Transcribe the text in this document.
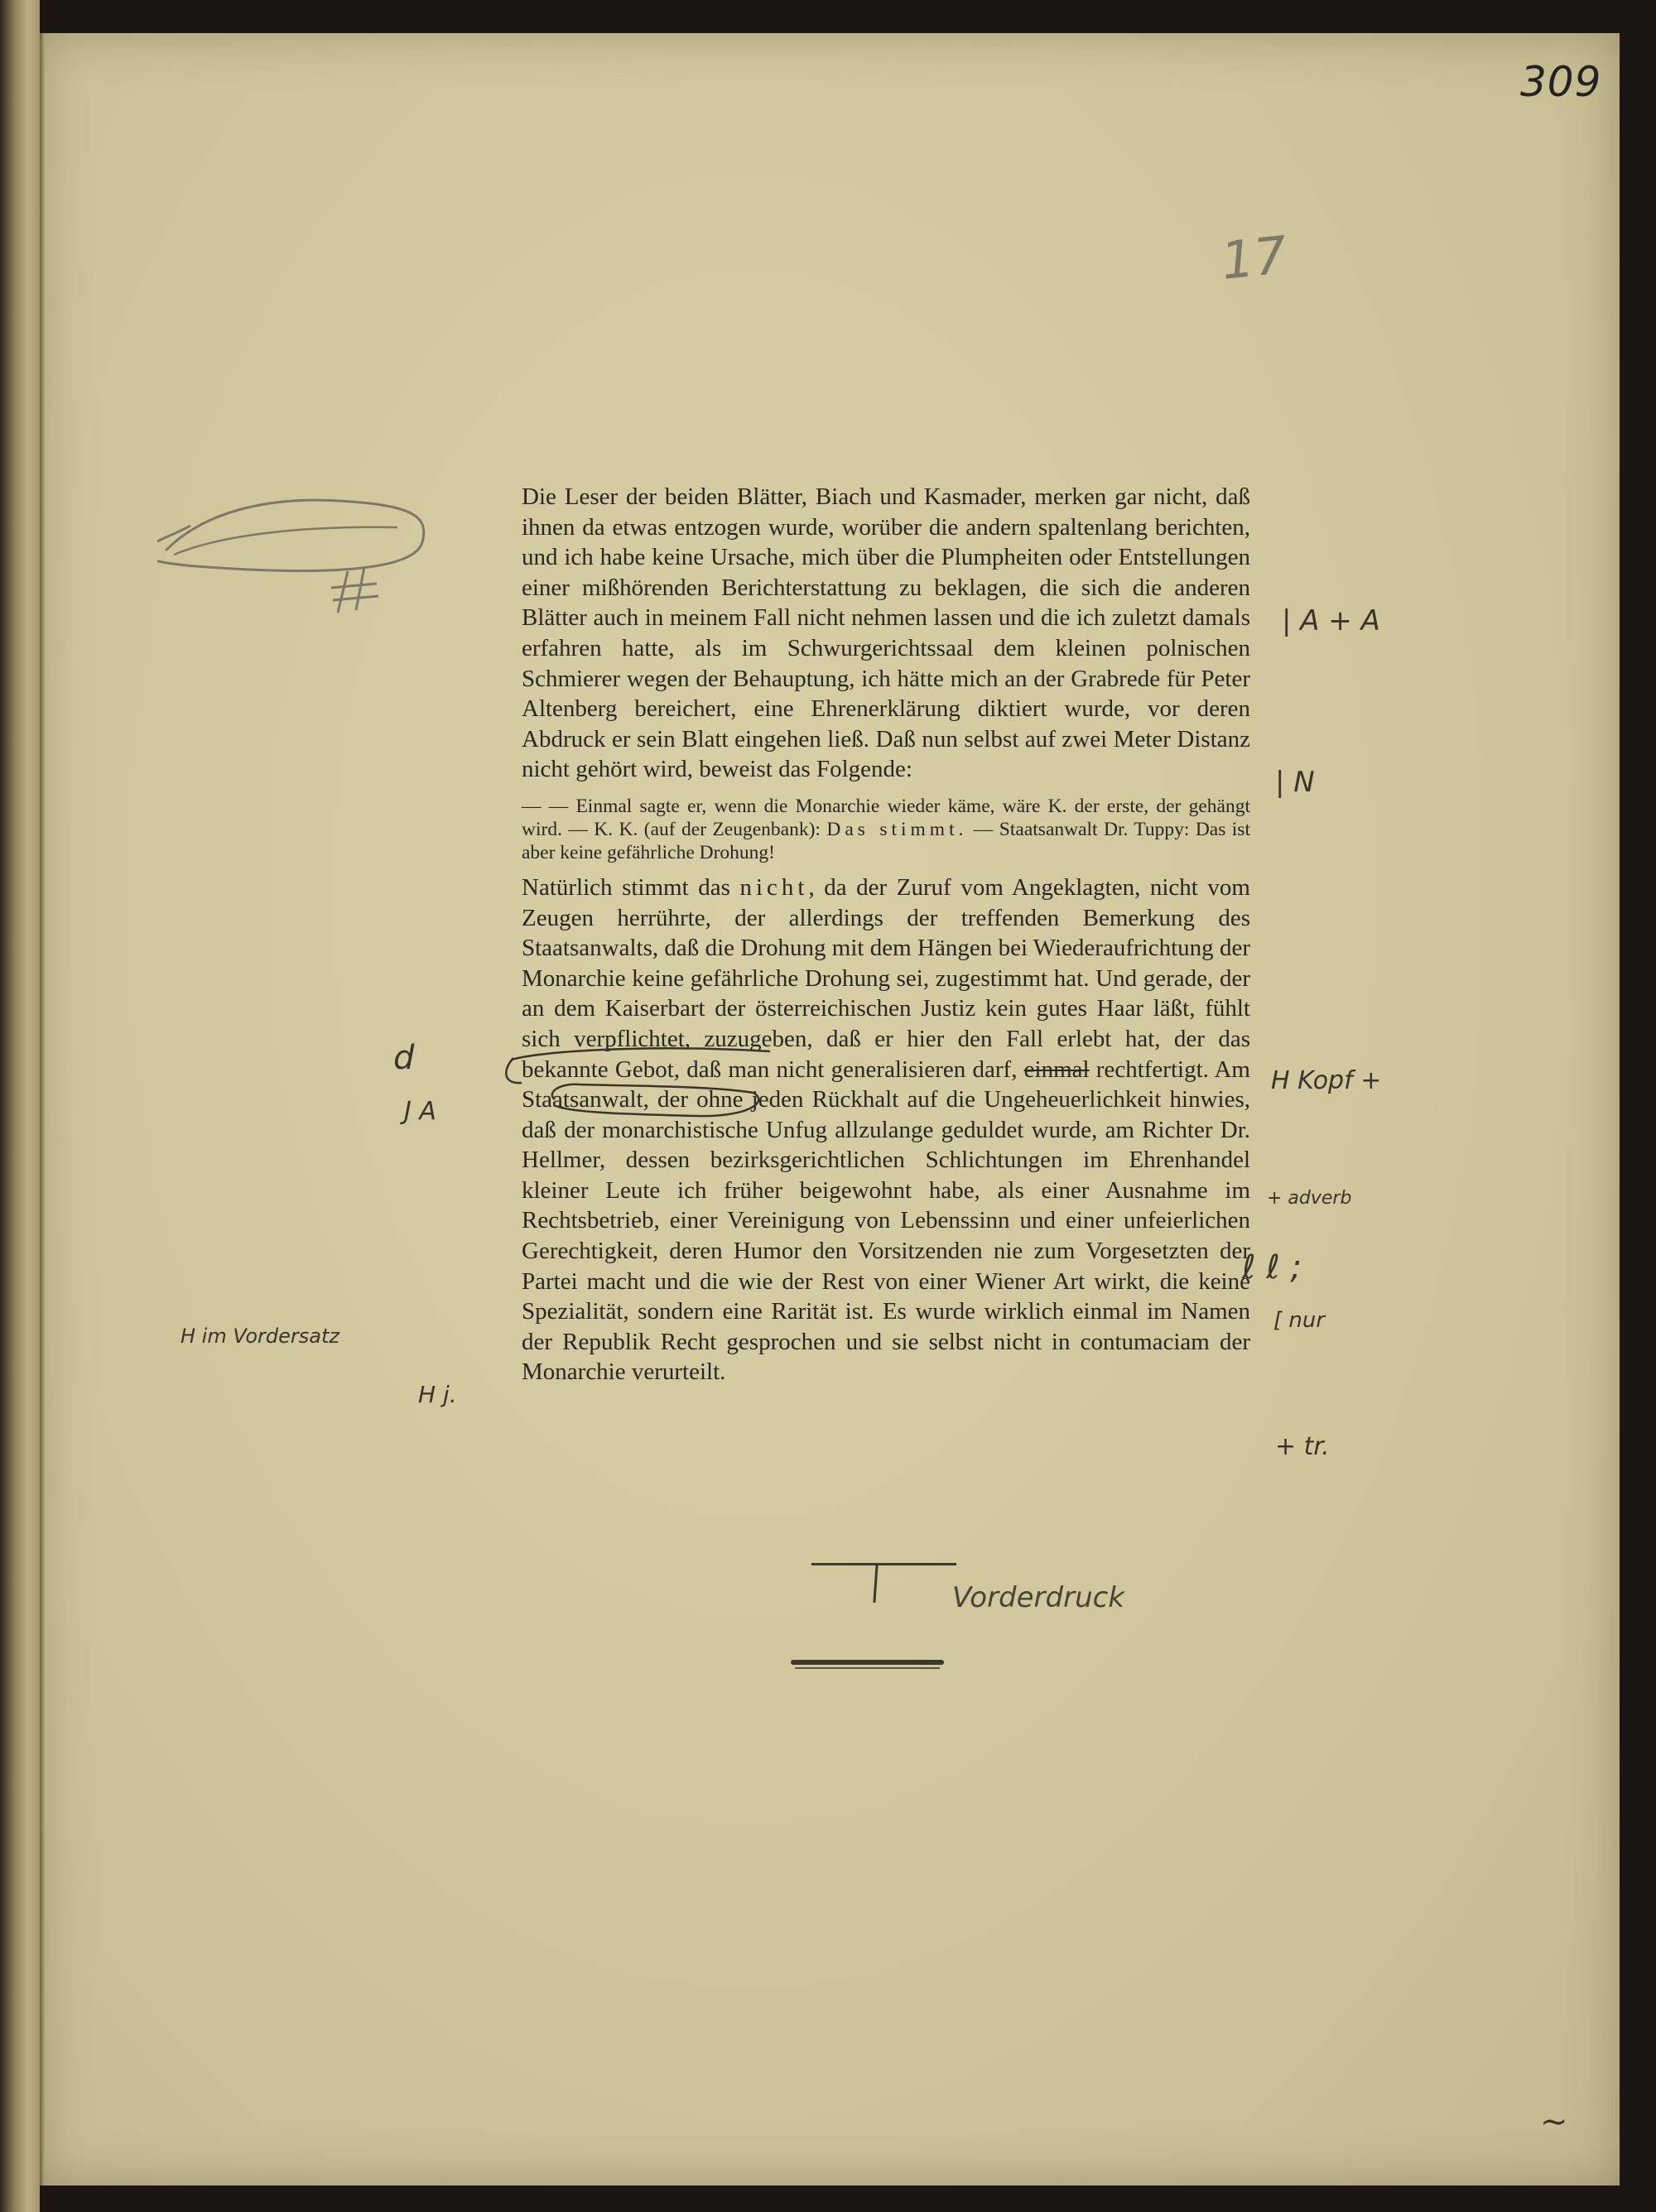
309
17

Die Leser der beiden Blätter, Biach und Kasmader, merken gar nicht, daß ihnen da etwas entzogen wurde, worüber die andern spaltenlang berichten, und ich habe keine Ursache, mich über die Plumpheiten oder Entstellungen einer mißhörenden Berichterstattung zu beklagen, die sich die anderen Blätter auch in meinem Fall nicht nehmen lassen und die ich zuletzt damals erfahren hatte, als im Schwurgerichtssaal dem kleinen polnischen Schmierer wegen der Behauptung, ich hätte mich an der Grabrede für Peter Altenberg bereichert, eine Ehrenerklärung diktiert wurde, vor deren Abdruck er sein Blatt eingehen ließ. Daß nun selbst auf zwei Meter Distanz nicht gehört wird, beweist das Folgende:

— — Einmal sagte er, wenn die Monarchie wieder käme, wäre K. der erste, der gehängt wird. — K. K. (auf der Zeugenbank): Das stimmt. — Staatsanwalt Dr. Tuppy: Das ist aber keine gefährliche Drohung!

Natürlich stimmt das nicht, da der Zuruf vom Angeklagten, nicht vom Zeugen herrührte, der allerdings der treffenden Bemerkung des Staatsanwalts, daß die Drohung mit dem Hängen bei Wiederaufrichtung der Monarchie keine gefährliche Drohung sei, zugestimmt hat. Und gerade, der an dem Kaiserbart der österreichischen Justiz kein gutes Haar läßt, fühlt sich verpflichtet, zuzugeben, daß er hier den Fall erlebt hat, der das bekannte Gebot, daß man nicht generalisieren darf, einmal rechtfertigt. Am Staatsanwalt, der ohne jeden Rückhalt auf die Ungeheuerlichkeit hinwies, daß der monarchistische Unfug allzulange geduldet wurde, am Richter Dr. Hellmer, dessen bezirksgerichtlichen Schlichtungen im Ehrenhandel kleiner Leute ich früher beigewohnt habe, als einer Ausnahme im Rechtsbetrieb, einer Vereinigung von Lebenssinn und einer unfeierlichen Gerechtigkeit, deren Humor den Vorsitzenden nie zum Vorgesetzten der Partei macht und die wie der Rest von einer Wiener Art wirkt, die keine Spezialität, sondern eine Rarität ist. Es wurde wirklich einmal im Namen der Republik Recht gesprochen und sie selbst nicht in contumaciam der Monarchie verurteilt.

| A + A
| N
H Kopf +
+ adverb
ℓ ℓ ;
[ nur
+ tr.
d
J A
H im Vordersatz
H j.
Vorderdruck
~
